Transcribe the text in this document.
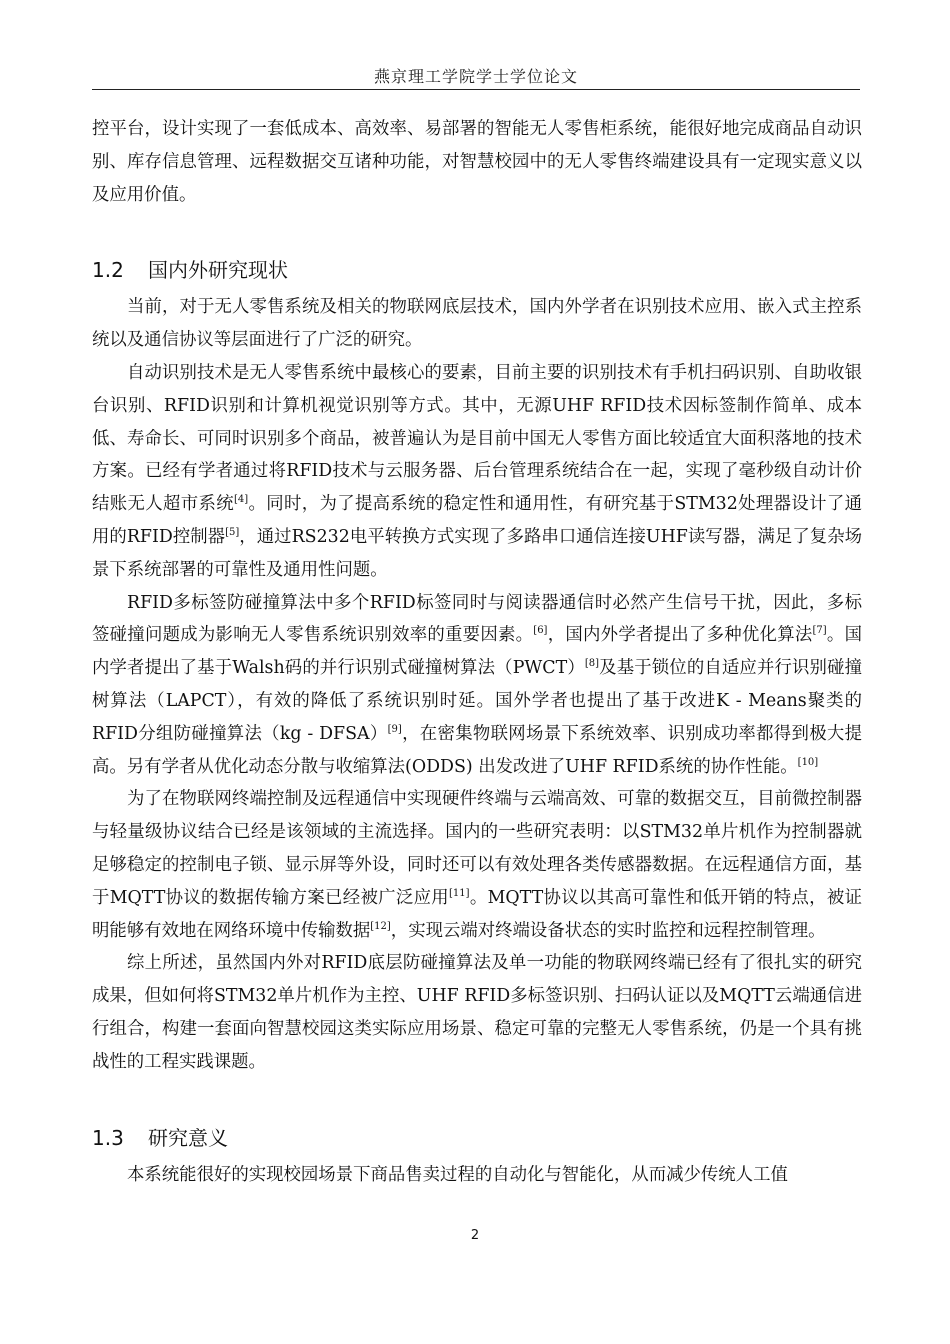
燕京理工学院学士学位论文

控平台，设计实现了一套低成本、高效率、易部署的智能无人零售柜系统，能很好地完成商品自动识别、库存信息管理、远程数据交互诸种功能，对智慧校园中的无人零售终端建设具有一定现实意义以及应用价值。

1.2 国内外研究现状

当前，对于无人零售系统及相关的物联网底层技术，国内外学者在识别技术应用、嵌入式主控系统以及通信协议等层面进行了广泛的研究。

自动识别技术是无人零售系统中最核心的要素，目前主要的识别技术有手机扫码识别、自助收银台识别、RFID识别和计算机视觉识别等方式。其中，无源UHF RFID技术因标签制作简单、成本低、寿命长、可同时识别多个商品，被普遍认为是目前中国无人零售方面比较适宜大面积落地的技术方案。已经有学者通过将RFID技术与云服务器、后台管理系统结合在一起，实现了毫秒级自动计价结账无人超市系统[4]。同时，为了提高系统的稳定性和通用性，有研究基于STM32处理器设计了通用的RFID控制器[5]，通过RS232电平转换方式实现了多路串口通信连接UHF读写器，满足了复杂场景下系统部署的可靠性及通用性问题。

RFID多标签防碰撞算法中多个RFID标签同时与阅读器通信时必然产生信号干扰，因此，多标签碰撞问题成为影响无人零售系统识别效率的重要因素。[6]，国内外学者提出了多种优化算法[7]。国内学者提出了基于Walsh码的并行识别式碰撞树算法（PWCT）[8]及基于锁位的自适应并行识别碰撞树算法（LAPCT），有效的降低了系统识别时延。国外学者也提出了基于改进K - Means聚类的RFID分组防碰撞算法（kg - DFSA）[9]，在密集物联网场景下系统效率、识别成功率都得到极大提高。另有学者从优化动态分散与收缩算法(ODDS) 出发改进了UHF RFID系统的协作性能。[10]

为了在物联网终端控制及远程通信中实现硬件终端与云端高效、可靠的数据交互，目前微控制器与轻量级协议结合已经是该领域的主流选择。国内的一些研究表明：以STM32单片机作为控制器就足够稳定的控制电子锁、显示屏等外设，同时还可以有效处理各类传感器数据。在远程通信方面，基于MQTT协议的数据传输方案已经被广泛应用[11]。MQTT协议以其高可靠性和低开销的特点，被证明能够有效地在网络环境中传输数据[12]，实现云端对终端设备状态的实时监控和远程控制管理。

综上所述，虽然国内外对RFID底层防碰撞算法及单一功能的物联网终端已经有了很扎实的研究成果，但如何将STM32单片机作为主控、UHF RFID多标签识别、扫码认证以及MQTT云端通信进行组合，构建一套面向智慧校园这类实际应用场景、稳定可靠的完整无人零售系统，仍是一个具有挑战性的工程实践课题。

1.3 研究意义

本系统能很好的实现校园场景下商品售卖过程的自动化与智能化，从而减少传统人工值

2
